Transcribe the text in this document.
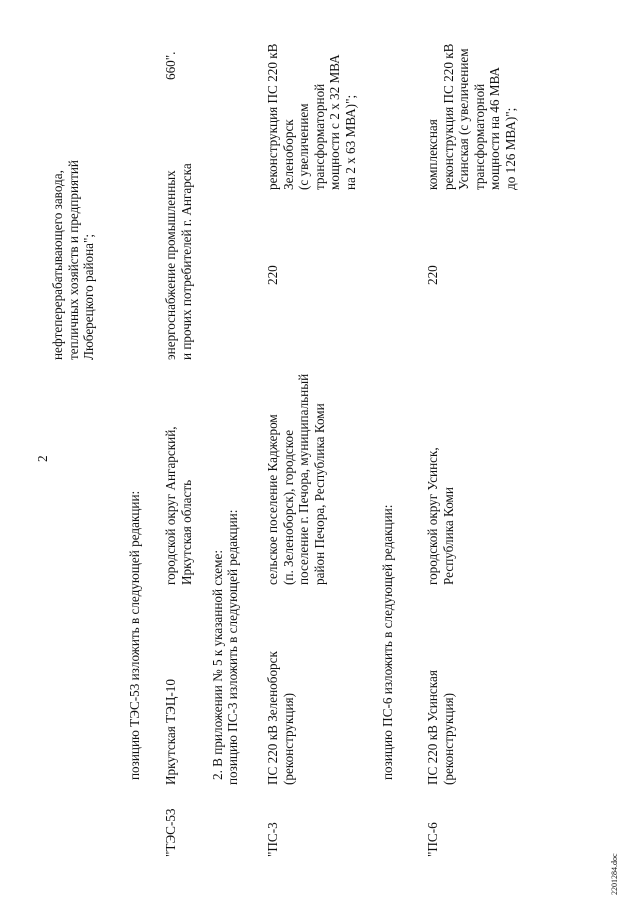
2
нефтеперерабатывающего завода,
тепличных хозяйств и предприятий
Люберецкого района";
позицию ТЭС-53 изложить в следующей редакции:
"ТЭС-53
Иркутская ТЭЦ-10
городской округ Ангарский,
Иркутская область
энергоснабжение промышленных
и прочих потребителей г. Ангарска
660".
2. В приложении № 5 к указанной схеме: позицию ПС-3 изложить в следующей редакции:
"ПС-3
ПС 220 кВ Зеленоборск
(реконструкция)
сельское поселение Каджером
(п. Зеленоборск), городское
поселение г. Печора, муниципальный
район Печора, Республика Коми
220
реконструкция ПС 220 кВ
Зеленоборск
(с увеличением
трансформаторной
мощности с 2 x 32 МВА
на 2 x 63 МВА)";
позицию ПС-6 изложить в следующей редакции:
"ПС-6
ПС 220 кВ Усинская
(реконструкция)
городской округ Усинск,
Республика Коми
220
комплексная
реконструкция ПС 220 кВ
Усинская (с увеличением
трансформаторной
мощности на 46 МВА
до 126 МВА)";
2201284.doc
